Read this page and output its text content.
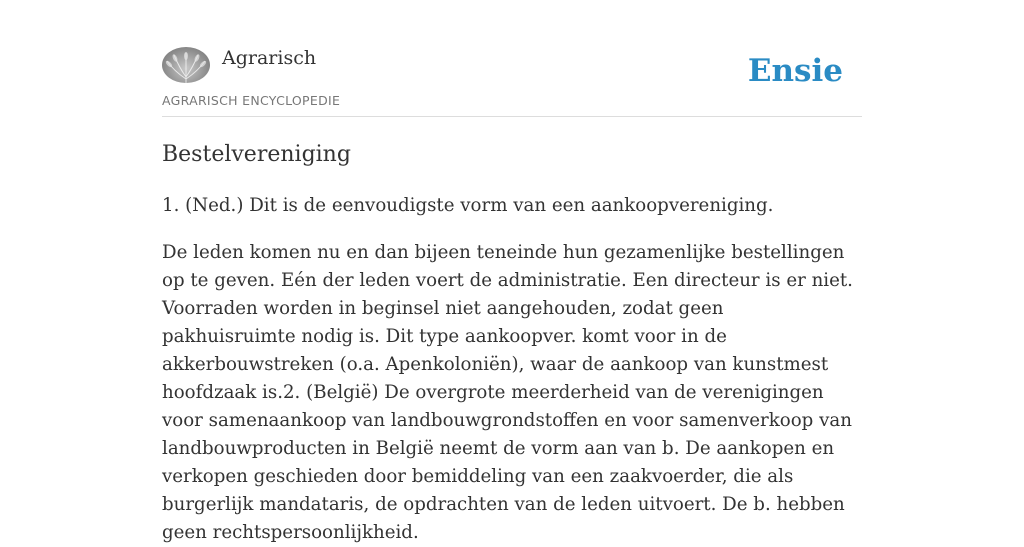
Agrarisch
AGRARISCH ENCYCLOPEDIE
Ensie
Bestelvereniging

1. (Ned.) Dit is de eenvoudigste vorm van een aankoopvereniging.

De leden komen nu en dan bijeen teneinde hun gezamenlijke bestellingen op te geven. Eén der leden voert de administratie. Een directeur is er niet. Voorraden worden in beginsel niet aangehouden, zodat geen pakhuisruimte nodig is. Dit type aankoopver. komt voor in de akkerbouwstreken (o.a. Apenkoloniën), waar de aankoop van kunstmest hoofdzaak is.2. (België) De overgrote meerderheid van de verenigingen voor samenaankoop van landbouwgrondstoffen en voor samenverkoop van landbouwproducten in België neemt de vorm aan van b. De aankopen en verkopen geschieden door bemiddeling van een zaakvoerder, die als burgerlijk mandataris, de opdrachten van de leden uitvoert. De b. hebben geen rechtspersoonlijkheid.
